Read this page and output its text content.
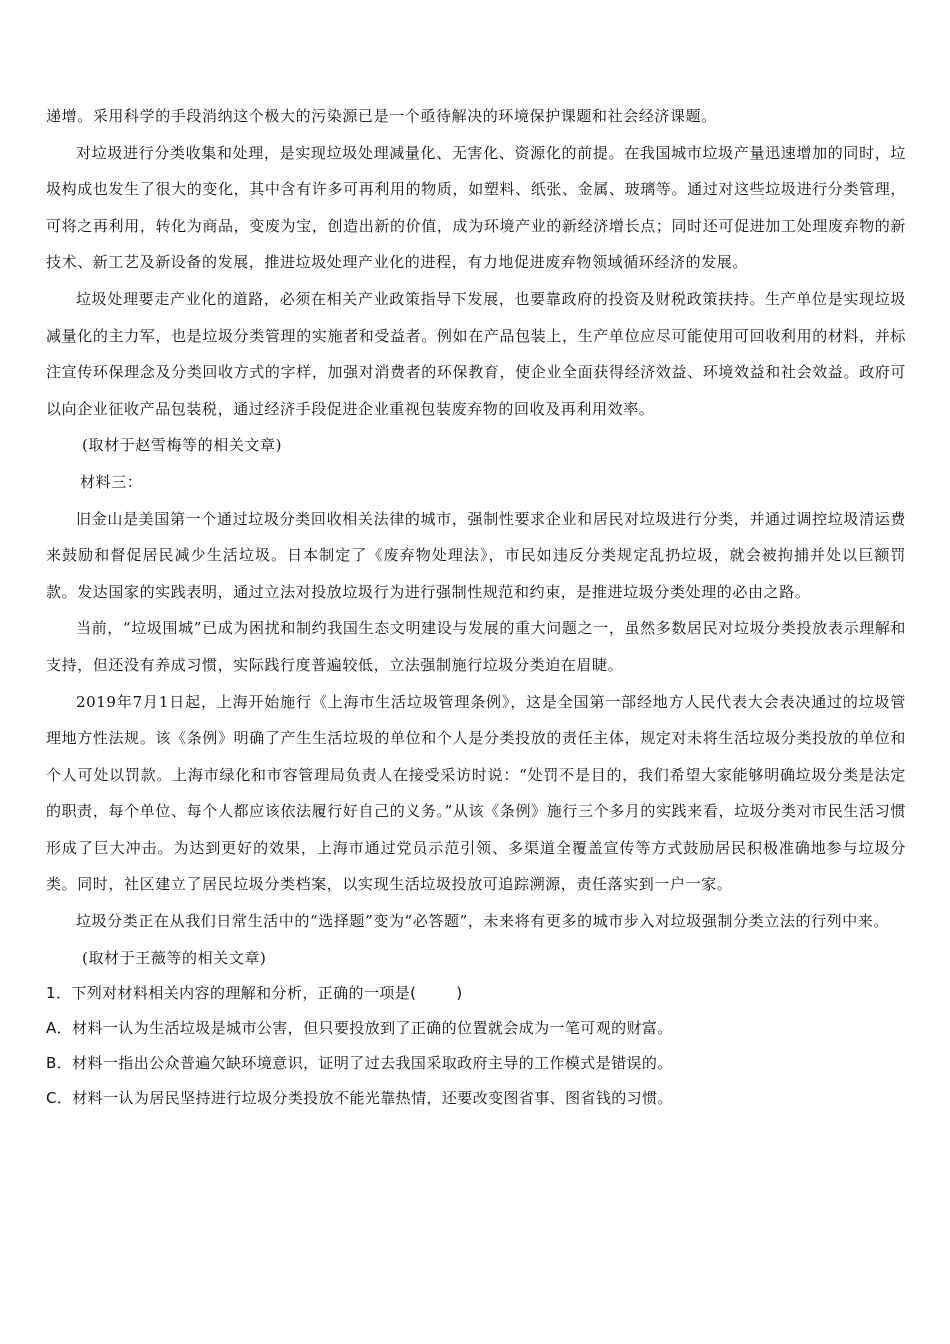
递增。采用科学的手段消纳这个极大的污染源已是一个亟待解决的环境保护课题和社会经济课题。

对垃圾进行分类收集和处理，是实现垃圾处理减量化、无害化、资源化的前提。在我国城市垃圾产量迅速增加的同时，垃圾构成也发生了很大的变化，其中含有许多可再利用的物质，如塑料、纸张、金属、玻璃等。通过对这些垃圾进行分类管理，可将之再利用，转化为商品，变废为宝，创造出新的价值，成为环境产业的新经济增长点；同时还可促进加工处理废弃物的新技术、新工艺及新设备的发展，推进垃圾处理产业化的进程，有力地促进废弃物领域循环经济的发展。

垃圾处理要走产业化的道路，必须在相关产业政策指导下发展，也要靠政府的投资及财税政策扶持。生产单位是实现垃圾减量化的主力军，也是垃圾分类管理的实施者和受益者。例如在产品包装上，生产单位应尽可能使用可回收利用的材料，并标注宣传环保理念及分类回收方式的字样，加强对消费者的环保教育，使企业全面获得经济效益、环境效益和社会效益。政府可以向企业征收产品包装税，通过经济手段促进企业重视包装废弃物的回收及再利用效率。

(取材于赵雪梅等的相关文章)

材料三：

旧金山是美国第一个通过垃圾分类回收相关法律的城市，强制性要求企业和居民对垃圾进行分类，并通过调控垃圾清运费来鼓励和督促居民减少生活垃圾。日本制定了《废弃物处理法》，市民如违反分类规定乱扔垃圾，就会被拘捕并处以巨额罚款。发达国家的实践表明，通过立法对投放垃圾行为进行强制性规范和约束，是推进垃圾分类处理的必由之路。

当前，“垃圾围城”已成为困扰和制约我国生态文明建设与发展的重大问题之一，虽然多数居民对垃圾分类投放表示理解和支持，但还没有养成习惯，实际践行度普遍较低，立法强制施行垃圾分类迫在眉睫。

2019年7月1日起，上海开始施行《上海市生活垃圾管理条例》，这是全国第一部经地方人民代表大会表决通过的垃圾管理地方性法规。该《条例》明确了产生生活垃圾的单位和个人是分类投放的责任主体，规定对未将生活垃圾分类投放的单位和个人可处以罚款。上海市绿化和市容管理局负责人在接受采访时说：“处罚不是目的，我们希望大家能够明确垃圾分类是法定的职责，每个单位、每个人都应该依法履行好自己的义务。”从该《条例》施行三个多月的实践来看，垃圾分类对市民生活习惯形成了巨大冲击。为达到更好的效果，上海市通过党员示范引领、多渠道全覆盖宣传等方式鼓励居民积极准确地参与垃圾分类。同时，社区建立了居民垃圾分类档案，以实现生活垃圾投放可追踪溯源，责任落实到一户一家。

垃圾分类正在从我们日常生活中的“选择题”变为“必答题”，未来将有更多的城市步入对垃圾强制分类立法的行列中来。

(取材于王薇等的相关文章)

1．下列对材料相关内容的理解和分析，正确的一项是(	)

A．材料一认为生活垃圾是城市公害，但只要投放到了正确的位置就会成为一笔可观的财富。

B．材料一指出公众普遍欠缺环境意识，证明了过去我国采取政府主导的工作模式是错误的。

C．材料一认为居民坚持进行垃圾分类投放不能光靠热情，还要改变图省事、图省钱的习惯。
